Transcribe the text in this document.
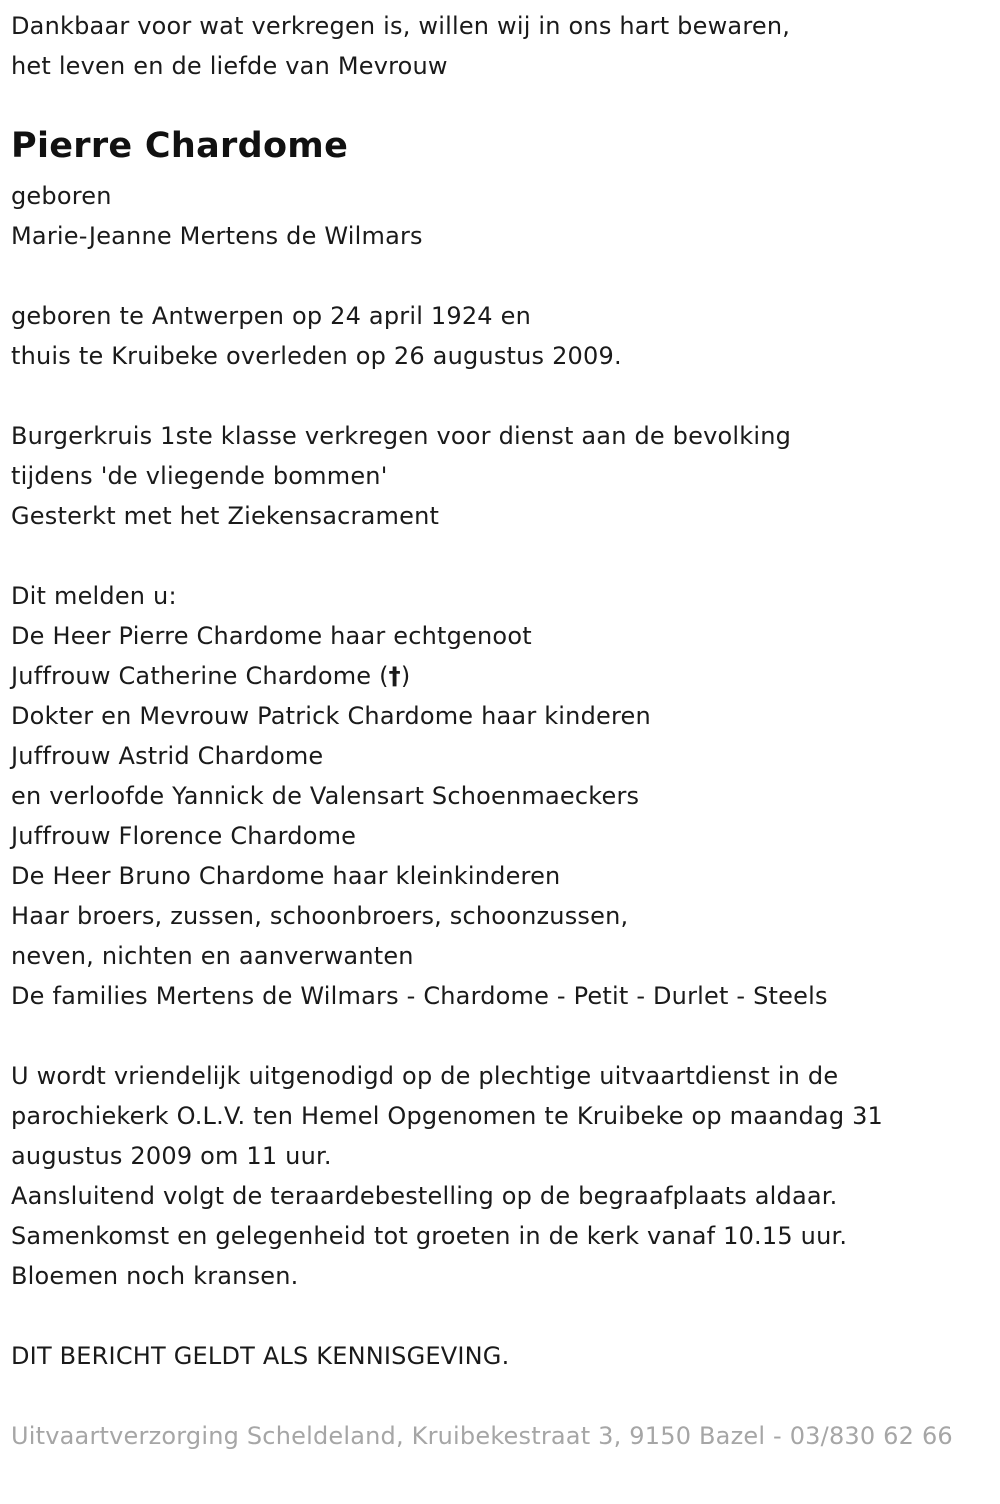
Dankbaar voor wat verkregen is, willen wij in ons hart bewaren,
het leven en de liefde van Mevrouw
Pierre Chardome
geboren
Marie-Jeanne Mertens de Wilmars
geboren te Antwerpen op 24 april 1924 en
thuis te Kruibeke overleden op 26 augustus 2009.
Burgerkruis 1ste klasse verkregen voor dienst aan de bevolking
tijdens 'de vliegende bommen'
Gesterkt met het Ziekensacrament
Dit melden u:
De Heer Pierre Chardome haar echtgenoot
Juffrouw Catherine Chardome (†)
Dokter en Mevrouw Patrick Chardome haar kinderen
Juffrouw Astrid Chardome
en verloofde Yannick de Valensart Schoenmaeckers
Juffrouw Florence Chardome
De Heer Bruno Chardome haar kleinkinderen
Haar broers, zussen, schoonbroers, schoonzussen,
neven, nichten en aanverwanten
De families Mertens de Wilmars - Chardome - Petit - Durlet - Steels
U wordt vriendelijk uitgenodigd op de plechtige uitvaartdienst in de parochiekerk O.L.V. ten Hemel Opgenomen te Kruibeke op maandag 31 augustus 2009 om 11 uur.
Aansluitend volgt de teraardebestelling op de begraafplaats aldaar.
Samenkomst en gelegenheid tot groeten in de kerk vanaf 10.15 uur.
Bloemen noch kransen.
DIT BERICHT GELDT ALS KENNISGEVING.
Uitvaartverzorging Scheldeland, Kruibekestraat 3, 9150 Bazel - 03/830 62 66
